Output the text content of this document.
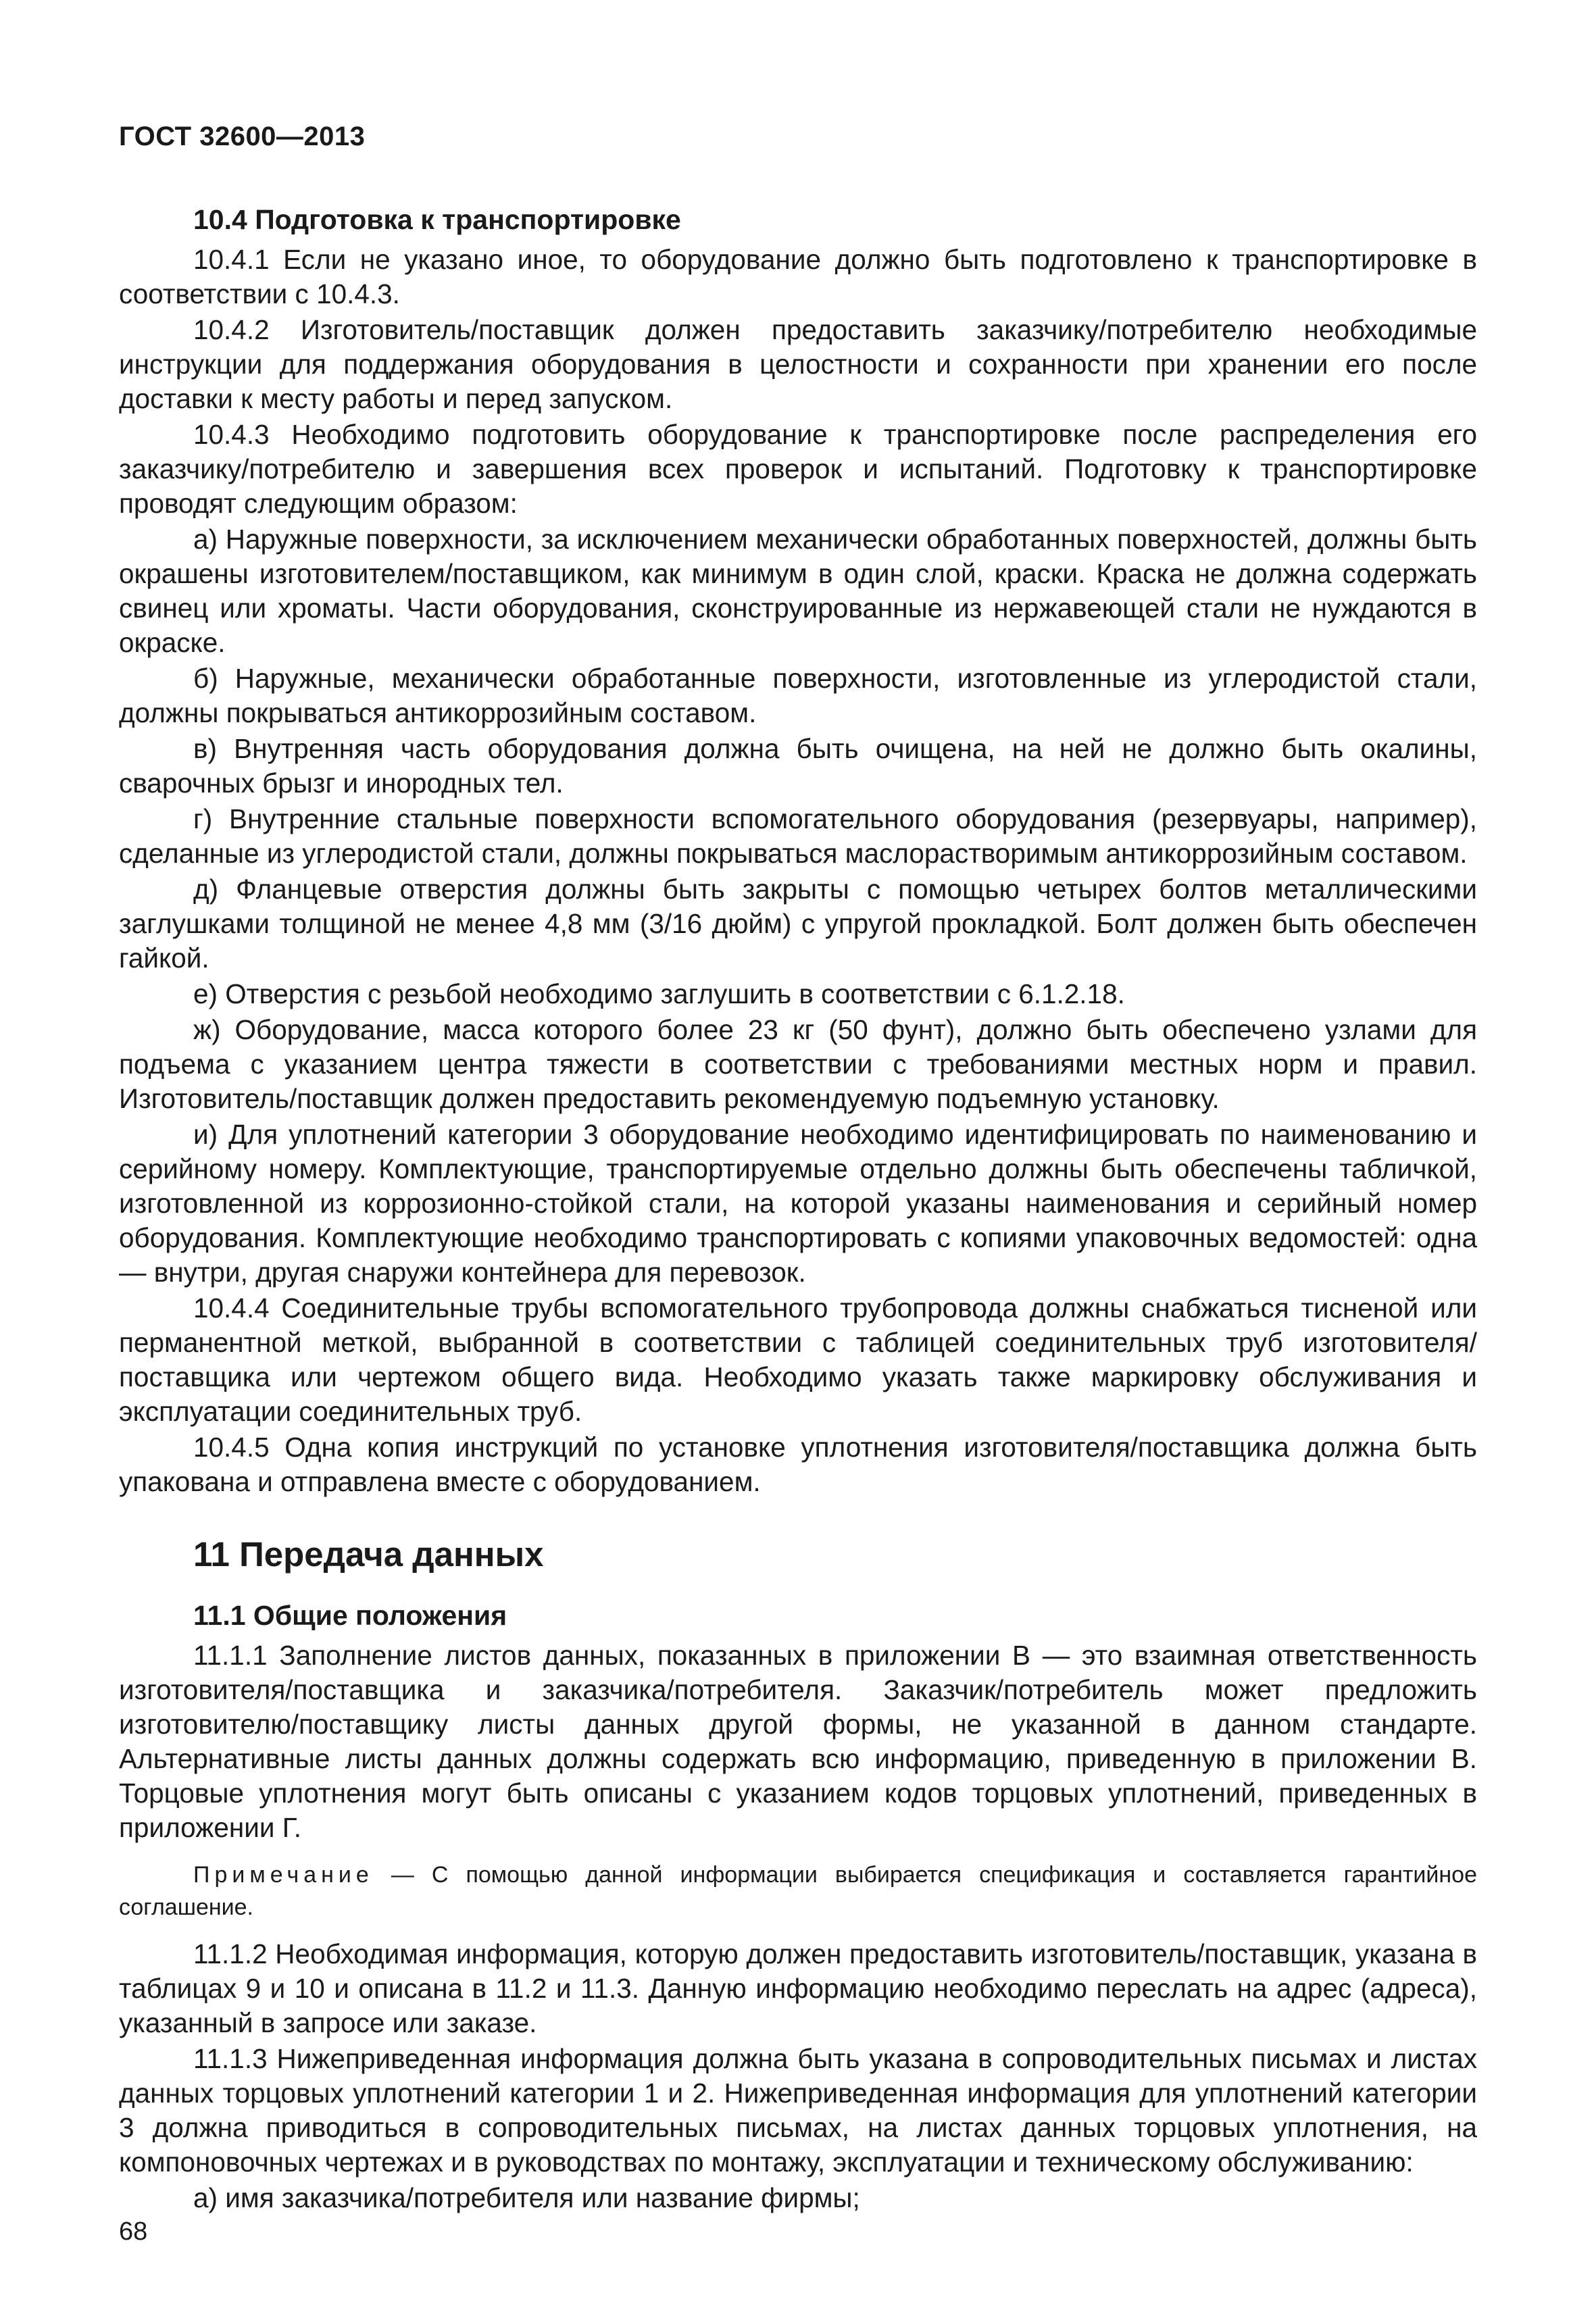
ГОСТ 32600—2013
10.4 Подготовка к транспортировке

10.4.1 Если не указано иное, то оборудование должно быть подготовлено к транспортировке в соответствии с 10.4.3.

10.4.2 Изготовитель/поставщик должен предоставить заказчику/потребителю необходимые инструкции для поддержания оборудования в целостности и сохранности при хранении его после доставки к месту работы и перед запуском.

10.4.3 Необходимо подготовить оборудование к транспортировке после распределения его заказчику/потребителю и завершения всех проверок и испытаний. Подготовку к транспортировке проводят следующим образом:

а) Наружные поверхности, за исключением механически обработанных поверхностей, должны быть окрашены изготовителем/поставщиком, как минимум в один слой, краски. Краска не должна содержать свинец или хроматы. Части оборудования, сконструированные из нержавеющей стали не нуждаются в окраске.

б) Наружные, механически обработанные поверхности, изготовленные из углеродистой стали, должны покрываться антикоррозийным составом.

в) Внутренняя часть оборудования должна быть очищена, на ней не должно быть окалины, сварочных брызг и инородных тел.

г) Внутренние стальные поверхности вспомогательного оборудования (резервуары, например), сделанные из углеродистой стали, должны покрываться маслорастворимым антикоррозийным составом.

д) Фланцевые отверстия должны быть закрыты с помощью четырех болтов металлическими заглушками толщиной не менее 4,8 мм (3/16 дюйм) с упругой прокладкой. Болт должен быть обеспечен гайкой.

е) Отверстия с резьбой необходимо заглушить в соответствии с 6.1.2.18.

ж) Оборудование, масса которого более 23 кг (50 фунт), должно быть обеспечено узлами для подъема с указанием центра тяжести в соответствии с требованиями местных норм и правил. Изготовитель/поставщик должен предоставить рекомендуемую подъемную установку.

и) Для уплотнений категории 3 оборудование необходимо идентифицировать по наименованию и серийному номеру. Комплектующие, транспортируемые отдельно должны быть обеспечены табличкой, изготовленной из коррозионно-стойкой стали, на которой указаны наименования и серийный номер оборудования. Комплектующие необходимо транспортировать с копиями упаковочных ведомостей: одна — внутри, другая снаружи контейнера для перевозок.

10.4.4 Соединительные трубы вспомогательного трубопровода должны снабжаться тисненой или перманентной меткой, выбранной в соответствии с таблицей соединительных труб изготовителя/поставщика или чертежом общего вида. Необходимо указать также маркировку обслуживания и эксплуатации соединительных труб.

10.4.5 Одна копия инструкций по установке уплотнения изготовителя/поставщика должна быть упакована и отправлена вместе с оборудованием.

11 Передача данных
11.1 Общие положения

11.1.1 Заполнение листов данных, показанных в приложении В — это взаимная ответственность изготовителя/поставщика и заказчика/потребителя. Заказчик/потребитель может предложить изготовителю/поставщику листы данных другой формы, не указанной в данном стандарте. Альтернативные листы данных должны содержать всю информацию, приведенную в приложении В. Торцовые уплотнения могут быть описаны с указанием кодов торцовых уплотнений, приведенных в приложении Г.

Примечание — С помощью данной информации выбирается спецификация и составляется гарантийное соглашение.

11.1.2 Необходимая информация, которую должен предоставить изготовитель/поставщик, указана в таблицах 9 и 10 и описана в 11.2 и 11.3. Данную информацию необходимо переслать на адрес (адреса), указанный в запросе или заказе.

11.1.3 Нижеприведенная информация должна быть указана в сопроводительных письмах и листах данных торцовых уплотнений категории 1 и 2. Нижеприведенная информация для уплотнений категории 3 должна приводиться в сопроводительных письмах, на листах данных торцовых уплотнения, на компоновочных чертежах и в руководствах по монтажу, эксплуатации и техническому обслуживанию:

а) имя заказчика/потребителя или название фирмы;

68
